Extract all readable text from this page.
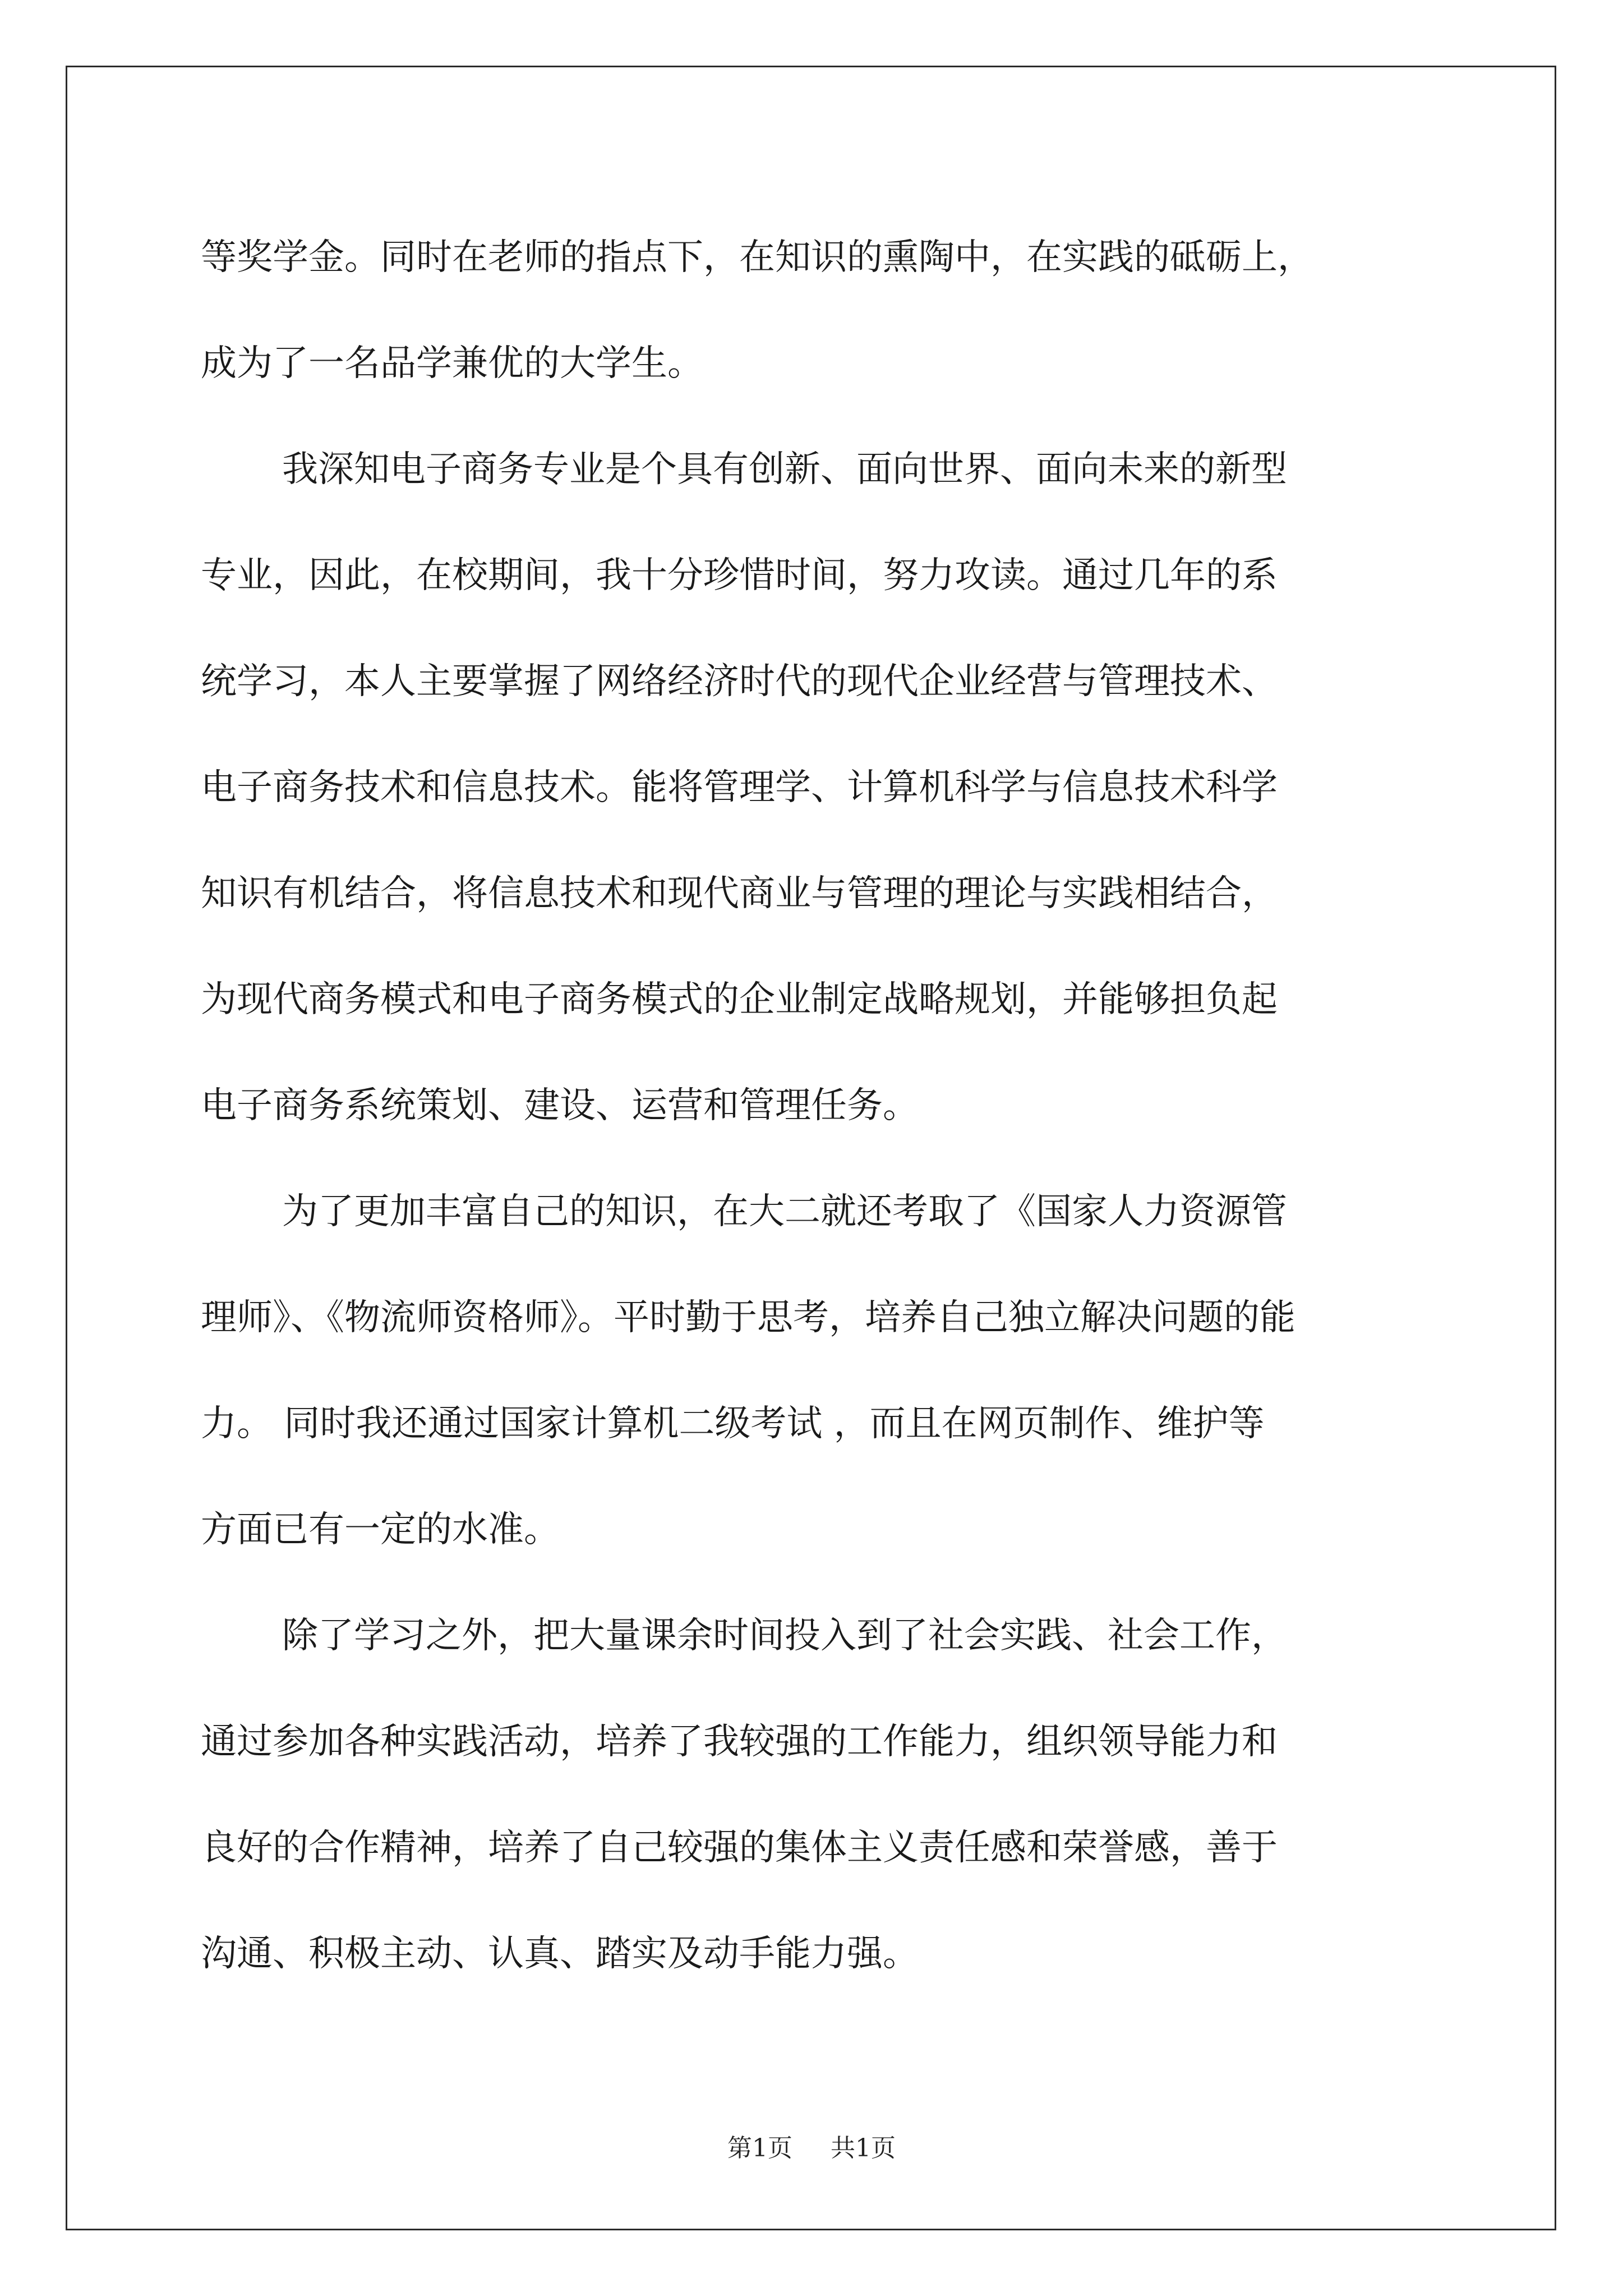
等奖学金。同时在老师的指点下，在知识的熏陶中，在实践的砥砺上，
成为了一名品学兼优的大学生。
我深知电子商务专业是个具有创新、面向世界、面向未来的新型
专业，因此，在校期间，我十分珍惜时间，努力攻读。通过几年的系
统学习，本人主要掌握了网络经济时代的现代企业经营与管理技术、
电子商务技术和信息技术。能将管理学、计算机科学与信息技术科学
知识有机结合，将信息技术和现代商业与管理的理论与实践相结合，
为现代商务模式和电子商务模式的企业制定战略规划，并能够担负起
电子商务系统策划、建设、运营和管理任务。
为了更加丰富自己的知识，在大二就还考取了《国家人力资源管
理师》、《物流师资格师》。平时勤于思考，培养自己独立解决问题的能
力。 同时我还通过国家计算机二级考试 ，而且在网页制作、维护等
方面已有一定的水准。
除了学习之外，把大量课余时间投入到了社会实践、社会工作，
通过参加各种实践活动，培养了我较强的工作能力，组织领导能力和
良好的合作精神，培养了自己较强的集体主义责任感和荣誉感，善于
沟通、积极主动、认真、踏实及动手能力强。
第1页 共1页
